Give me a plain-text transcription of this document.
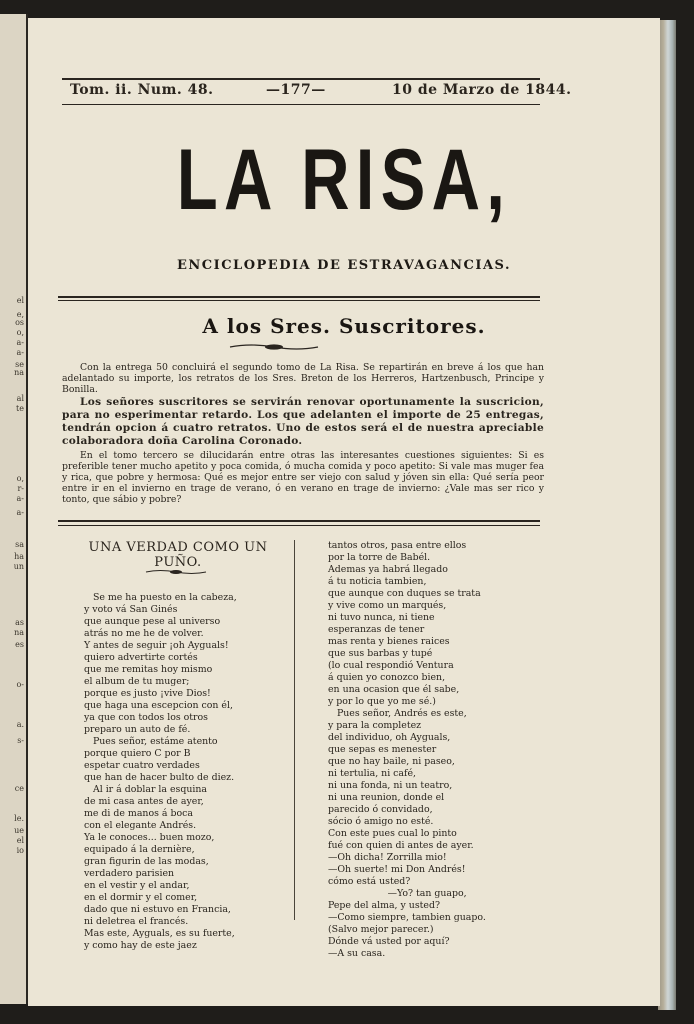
el
e,
os
o,
a-
a-
se
na
al
te
o,
r-
a-
a-
sa
ha
un
as
na
es
o-
a.
s-
ce
le.
ue
el
io
Tom. ii. Num. 48.	—177—	10 de Marzo de 1844.
LA RISA,
ENCICLOPEDIA DE ESTRAVAGANCIAS.
A los Sres. Suscritores.

Con la entrega 50 concluirá el segundo tomo de La Risa. Se repartirán en breve á los que han adelantado su importe, los retratos de los Sres. Breton de los Herreros, Hartzenbusch, Principe y Bonilla.

Los señores suscritores se servirán renovar oportunamente la suscricion, para no esperimentar retardo. Los que adelanten el importe de 25 entregas, tendrán opcion á cuatro retratos. Uno de estos será el de nuestra apreciable colaboradora doña Carolina Coronado.

En el tomo tercero se dilucidarán entre otras las interesantes cuestiones siguientes: Si es preferible tener mucho apetito y poca comida, ó mucha comida y poco apetito: Si vale mas muger fea y rica, que pobre y hermosa: Qué es mejor entre ser viejo con salud y jóven sin ella: Qué sería peor entre ir en el invierno en trage de verano, ó en verano en trage de invierno: ¿Vale mas ser rico y tonto, que sábio y pobre?

UNA VERDAD COMO UN PUÑO.
Se me ha puesto en la cabeza,
y voto vá San Ginés
que aunque pese al universo
atrás no me he de volver.
Y antes de seguir ¡oh Ayguals!
quiero advertirte cortés
que me remitas hoy mismo
el album de tu muger;
porque es justo ¡vive Dios!
que haga una escepcion con él,
ya que con todos los otros
preparo un auto de fé.
Pues señor, estáme atento
porque quiero C por B
espetar cuatro verdades
que han de hacer bulto de diez.
Al ir á doblar la esquina
de mi casa antes de ayer,
me di de manos á boca
con el elegante Andrés.
Ya le conoces... buen mozo,
equipado á la dernière,
gran figurin de las modas,
verdadero parisien
en el vestir y el andar,
en el dormir y el comer,
dado que ni estuvo en Francia,
ni deletrea el francés.
Mas este, Ayguals, es su fuerte,
y como hay de este jaez
tantos otros, pasa entre ellos
por la torre de Babél.
Ademas ya habrá llegado
á tu noticia tambien,
que aunque con duques se trata
y vive como un marqués,
ni tuvo nunca, ni tiene
esperanzas de tener
mas renta y bienes raices
que sus barbas y tupé
(lo cual respondió Ventura
á quien yo conozco bien,
en una ocasion que él sabe,
y por lo que yo me sé.)
Pues señor, Andrés es este,
y para la completez
del individuo, oh Ayguals,
que sepas es menester
que no hay baile, ni paseo,
ni tertulia, ni café,
ni una fonda, ni un teatro,
ni una reunion, donde el
parecido ó convidado,
sócio ó amigo no esté.
Con este pues cual lo pinto
fué con quien di antes de ayer.
—Oh dicha! Zorrilla mio!
—Oh suerte! mi Don Andrés!
cómo está usted?
—Yo? tan guapo,
Pepe del alma, y usted?
—Como siempre, tambien guapo.
(Salvo mejor parecer.)
Dónde vá usted por aquí?
—A su casa.
